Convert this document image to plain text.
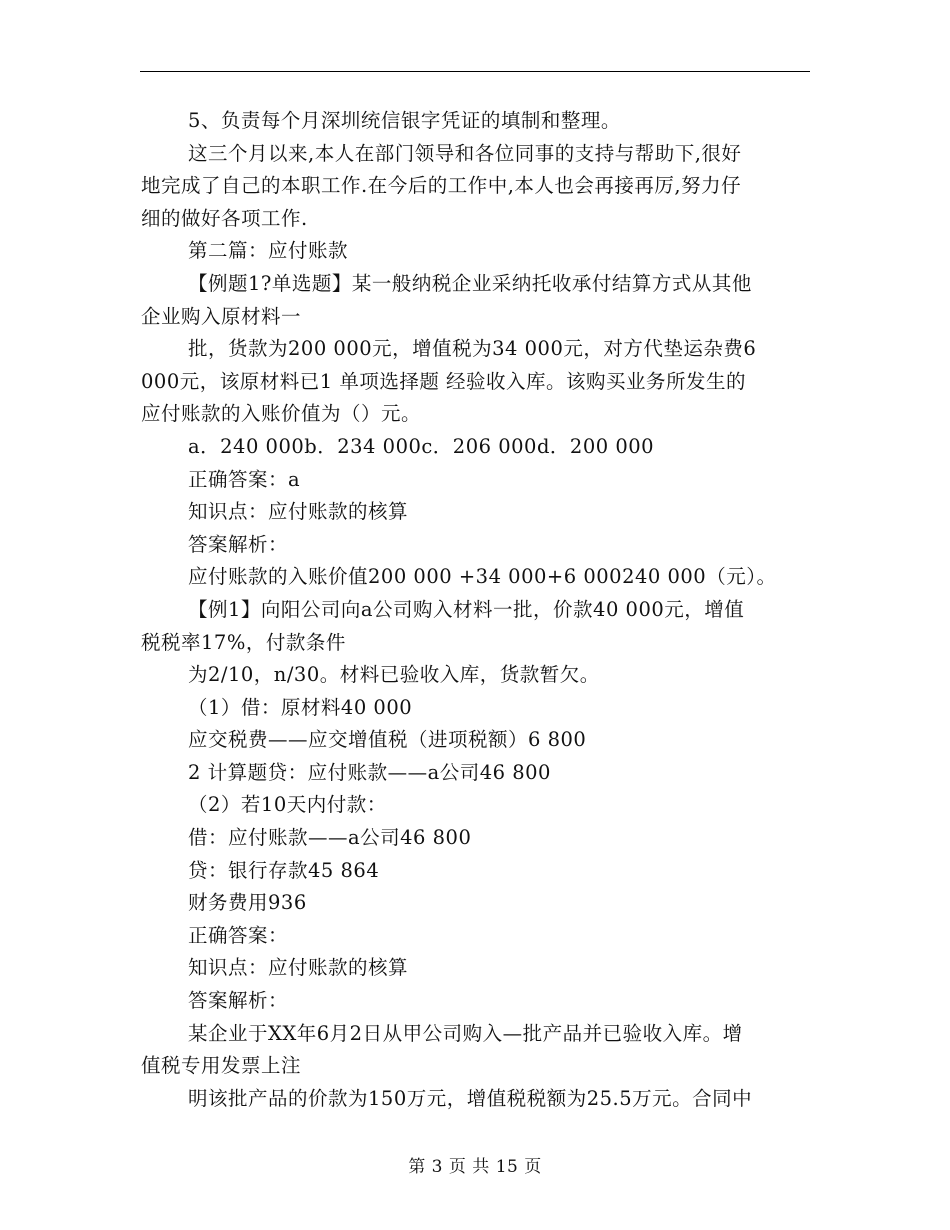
5、负责每个月深圳统信银字凭证的填制和整理。

这三个月以来,本人在部门领导和各位同事的支持与帮助下,很好

地完成了自己的本职工作.在今后的工作中,本人也会再接再厉,努力仔

细的做好各项工作.

第二篇：应付账款

【例题1?单选题】某一般纳税企业采纳托收承付结算方式从其他

企业购入原材料一

批，货款为200 000元，增值税为34 000元，对方代垫运杂费6

000元，该原材料已1 单项选择题 经验收入库。该购买业务所发生的

应付账款的入账价值为（）元。

a．240 000b．234 000c．206 000d．200 000

正确答案：a

知识点：应付账款的核算

答案解析：

应付账款的入账价值200 000 +34 000+6 000240 000（元）。

【例1】向阳公司向a公司购入材料一批，价款40 000元，增值

税税率17%，付款条件

为2/10，n/30。材料已验收入库，货款暂欠。

（1）借：原材料40 000

应交税费——应交增值税（进项税额）6 800

2 计算题贷：应付账款——a公司46 800

（2）若10天内付款：

借：应付账款——a公司46 800

贷：银行存款45 864

财务费用936

正确答案：

知识点：应付账款的核算

答案解析：

某企业于XX年6月2日从甲公司购入—批产品并已验收入库。增

值税专用发票上注

明该批产品的价款为150万元，增值税税额为25.5万元。合同中

第 3 页 共 15 页
